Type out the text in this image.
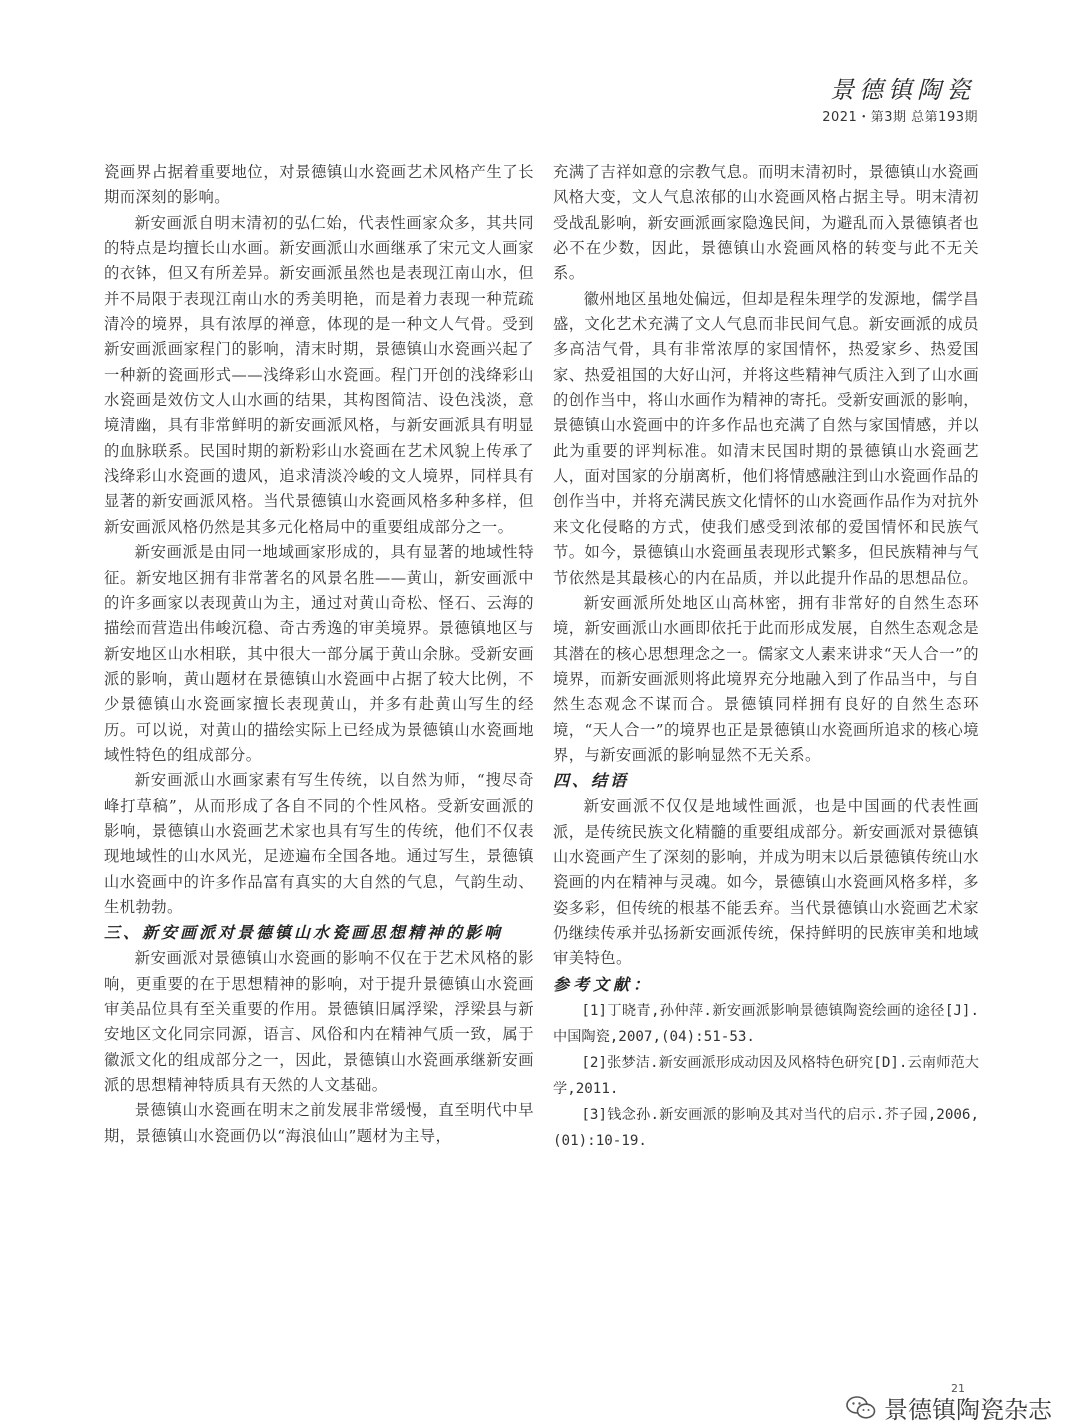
景德镇陶瓷
2021・第3期 总第193期

瓷画界占据着重要地位，对景德镇山水瓷画艺术风格产生了长期而深刻的影响。

新安画派自明末清初的弘仁始，代表性画家众多，其共同的特点是均擅长山水画。新安画派山水画继承了宋元文人画家的衣钵，但又有所差异。新安画派虽然也是表现江南山水，但并不局限于表现江南山水的秀美明艳，而是着力表现一种荒疏清冷的境界，具有浓厚的禅意，体现的是一种文人气骨。受到新安画派画家程门的影响，清末时期，景德镇山水瓷画兴起了一种新的瓷画形式——浅绛彩山水瓷画。程门开创的浅绛彩山水瓷画是效仿文人山水画的结果，其构图简洁、设色浅淡，意境清幽，具有非常鲜明的新安画派风格，与新安画派具有明显的血脉联系。民国时期的新粉彩山水瓷画在艺术风貌上传承了浅绛彩山水瓷画的遗风，追求清淡冷峻的文人境界，同样具有显著的新安画派风格。当代景德镇山水瓷画风格多种多样，但新安画派风格仍然是其多元化格局中的重要组成部分之一。

新安画派是由同一地域画家形成的，具有显著的地域性特征。新安地区拥有非常著名的风景名胜——黄山，新安画派中的许多画家以表现黄山为主，通过对黄山奇松、怪石、云海的描绘而营造出伟峻沉稳、奇古秀逸的审美境界。景德镇地区与新安地区山水相联，其中很大一部分属于黄山余脉。受新安画派的影响，黄山题材在景德镇山水瓷画中占据了较大比例，不少景德镇山水瓷画家擅长表现黄山，并多有赴黄山写生的经历。可以说，对黄山的描绘实际上已经成为景德镇山水瓷画地域性特色的组成部分。

新安画派山水画家素有写生传统，以自然为师，“搜尽奇峰打草稿”，从而形成了各自不同的个性风格。受新安画派的影响，景德镇山水瓷画艺术家也具有写生的传统，他们不仅表现地域性的山水风光，足迹遍布全国各地。通过写生，景德镇山水瓷画中的许多作品富有真实的大自然的气息，气韵生动、生机勃勃。

三、新安画派对景德镇山水瓷画思想精神的影响

新安画派对景德镇山水瓷画的影响不仅在于艺术风格的影响，更重要的在于思想精神的影响，对于提升景德镇山水瓷画审美品位具有至关重要的作用。景德镇旧属浮梁，浮梁县与新安地区文化同宗同源，语言、风俗和内在精神气质一致，属于徽派文化的组成部分之一，因此，景德镇山水瓷画承继新安画派的思想精神特质具有天然的人文基础。

景德镇山水瓷画在明末之前发展非常缓慢，直至明代中早期，景德镇山水瓷画仍以“海浪仙山”题材为主导，

充满了吉祥如意的宗教气息。而明末清初时，景德镇山水瓷画风格大变，文人气息浓郁的山水瓷画风格占据主导。明末清初受战乱影响，新安画派画家隐逸民间，为避乱而入景德镇者也必不在少数，因此，景德镇山水瓷画风格的转变与此不无关系。

徽州地区虽地处偏远，但却是程朱理学的发源地，儒学昌盛，文化艺术充满了文人气息而非民间气息。新安画派的成员多高洁气骨，具有非常浓厚的家国情怀，热爱家乡、热爱国家、热爱祖国的大好山河，并将这些精神气质注入到了山水画的创作当中，将山水画作为精神的寄托。受新安画派的影响，景德镇山水瓷画中的许多作品也充满了自然与家国情感，并以此为重要的评判标准。如清末民国时期的景德镇山水瓷画艺人，面对国家的分崩离析，他们将情感融注到山水瓷画作品的创作当中，并将充满民族文化情怀的山水瓷画作品作为对抗外来文化侵略的方式，使我们感受到浓郁的爱国情怀和民族气节。如今，景德镇山水瓷画虽表现形式繁多，但民族精神与气节依然是其最核心的内在品质，并以此提升作品的思想品位。

新安画派所处地区山高林密，拥有非常好的自然生态环境，新安画派山水画即依托于此而形成发展，自然生态观念是其潜在的核心思想理念之一。儒家文人素来讲求“天人合一”的境界，而新安画派则将此境界充分地融入到了作品当中，与自然生态观念不谋而合。景德镇同样拥有良好的自然生态环境，“天人合一”的境界也正是景德镇山水瓷画所追求的核心境界，与新安画派的影响显然不无关系。

四、结语

新安画派不仅仅是地域性画派，也是中国画的代表性画派，是传统民族文化精髓的重要组成部分。新安画派对景德镇山水瓷画产生了深刻的影响，并成为明末以后景德镇传统山水瓷画的内在精神与灵魂。如今，景德镇山水瓷画风格多样，多姿多彩，但传统的根基不能丢弃。当代景德镇山水瓷画艺术家仍继续传承并弘扬新安画派传统，保持鲜明的民族审美和地域审美特色。

参考文献：

[1]丁晓青,孙仲萍.新安画派影响景德镇陶瓷绘画的途径[J].中国陶瓷,2007,(04):51-53.

[2]张梦洁.新安画派形成动因及风格特色研究[D].云南师范大学,2011.

[3]钱念孙.新安画派的影响及其对当代的启示.芥子园,2006,(01):10-19.

21
景德镇陶瓷杂志
